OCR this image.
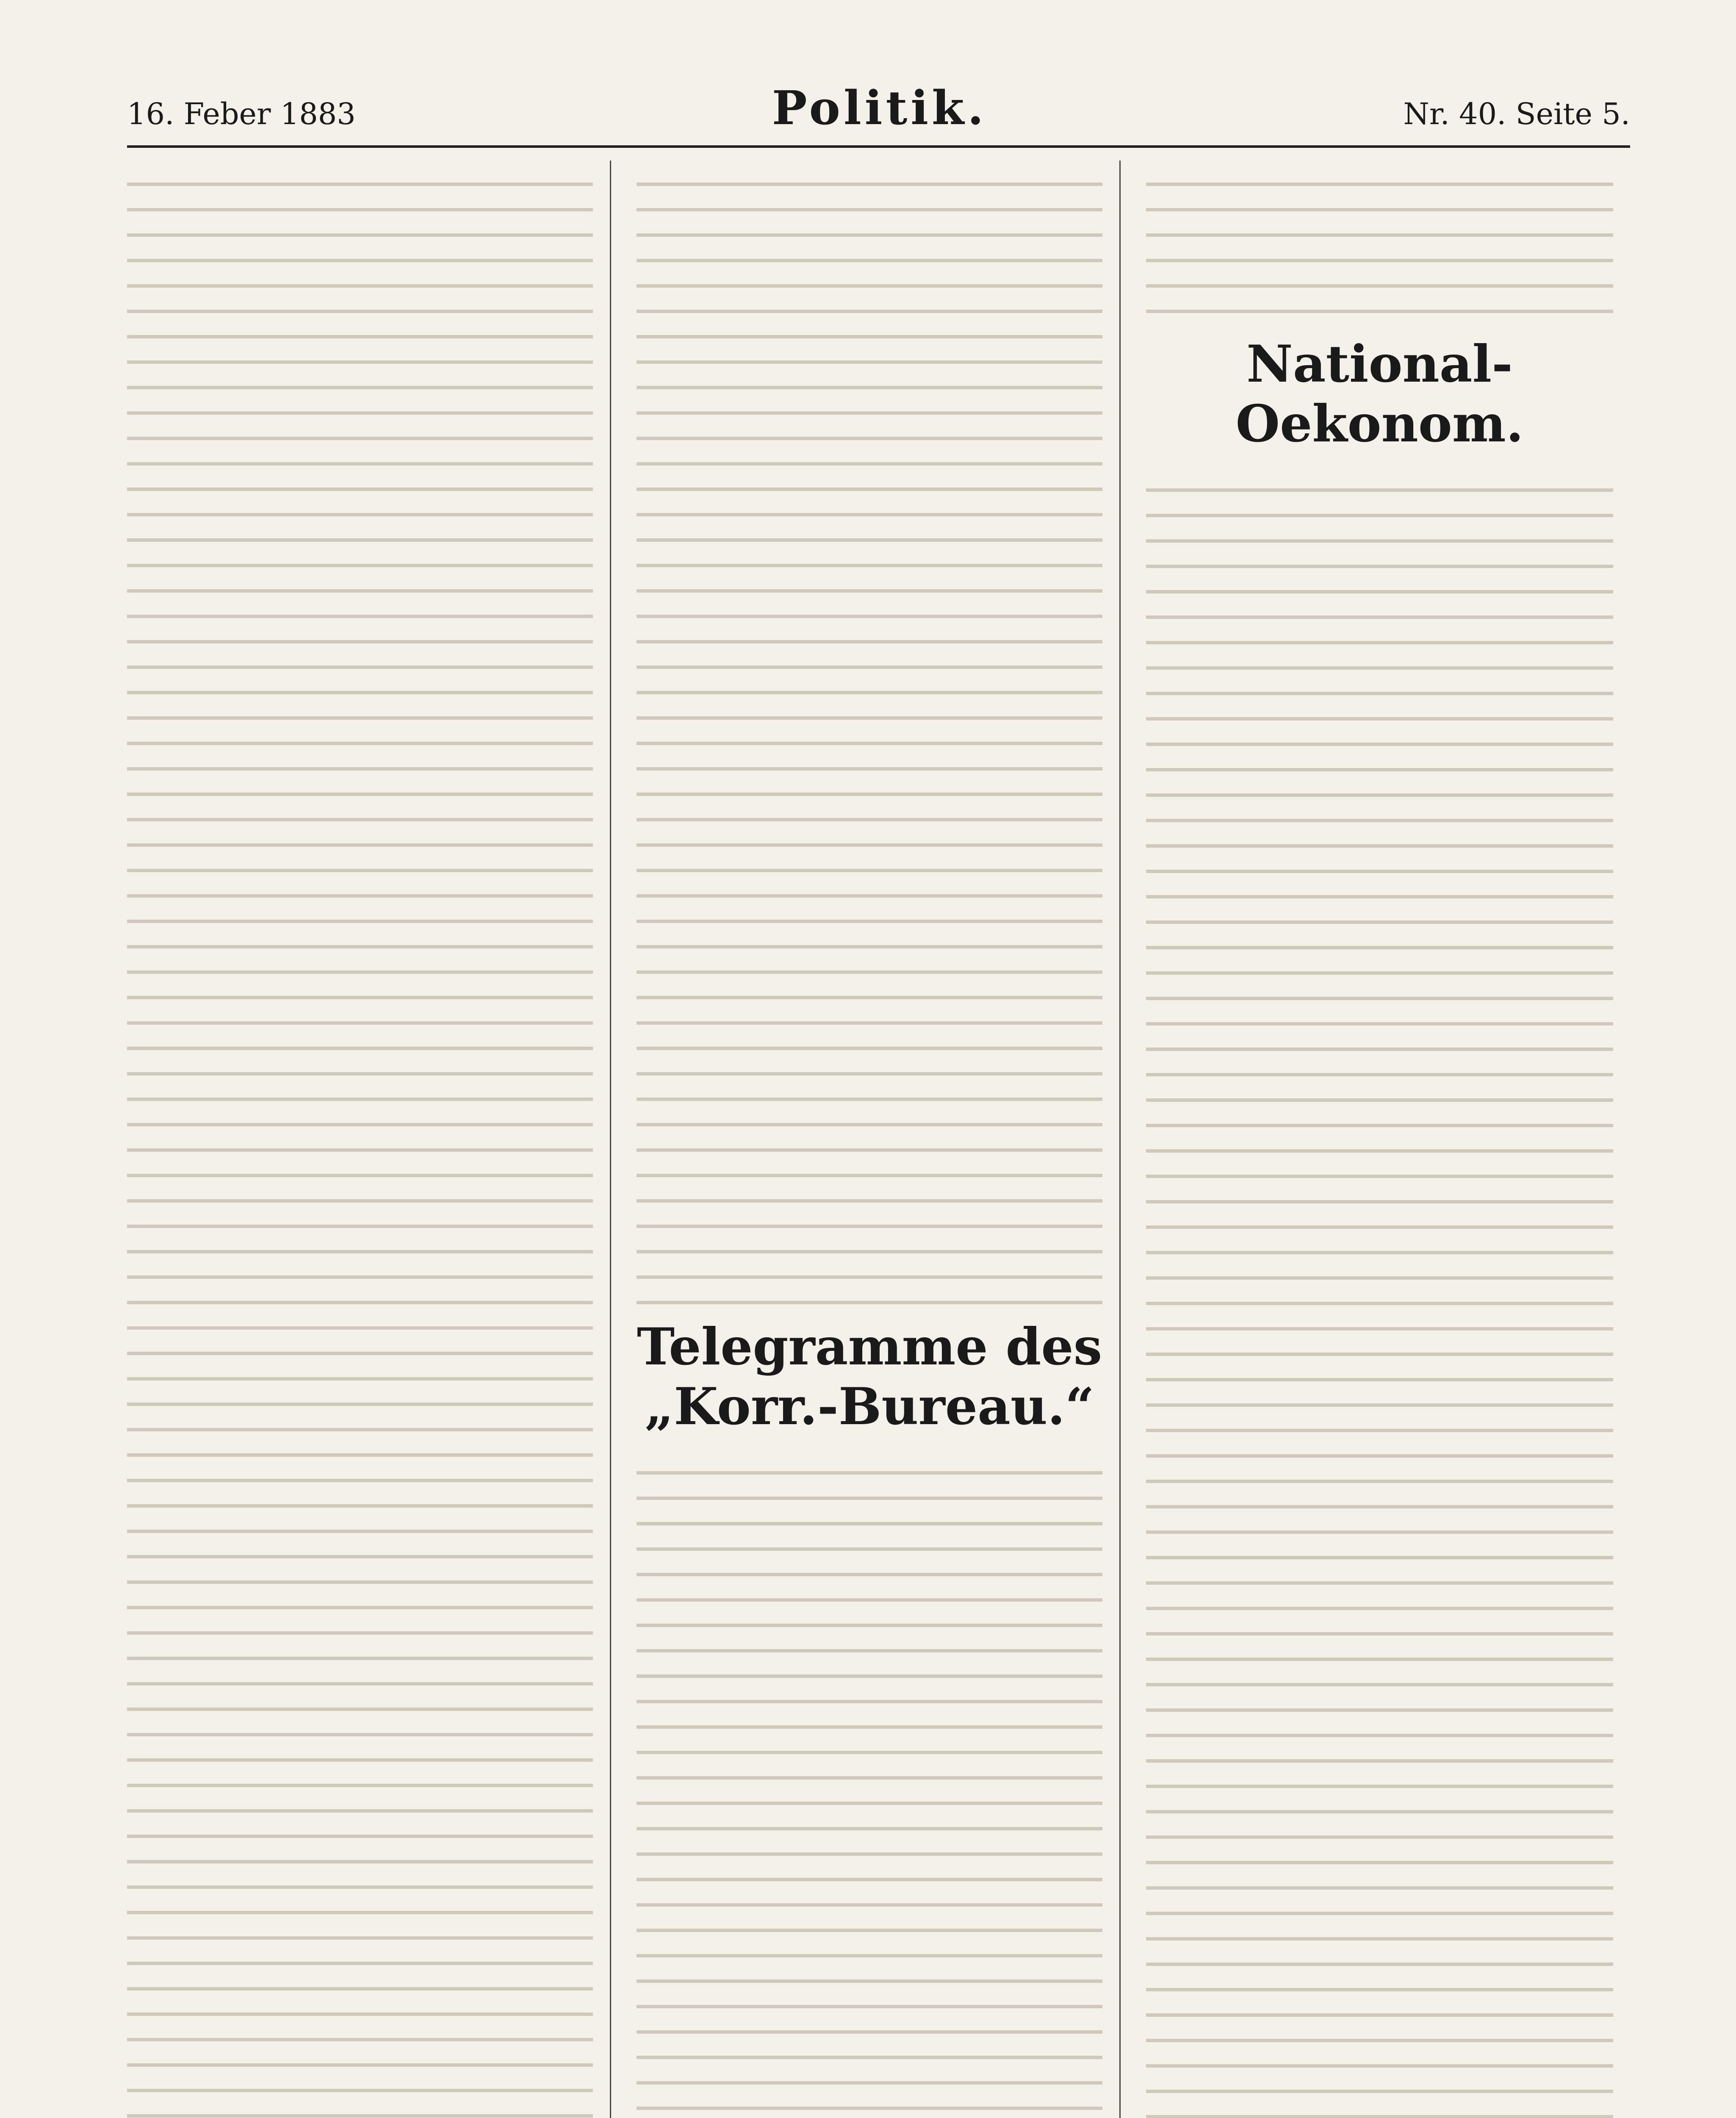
16. Feber 1883	Politik.	Nr. 40. Seite 5.
Telegramme des „Korr.-Bureau.“
National-Oekonom.
